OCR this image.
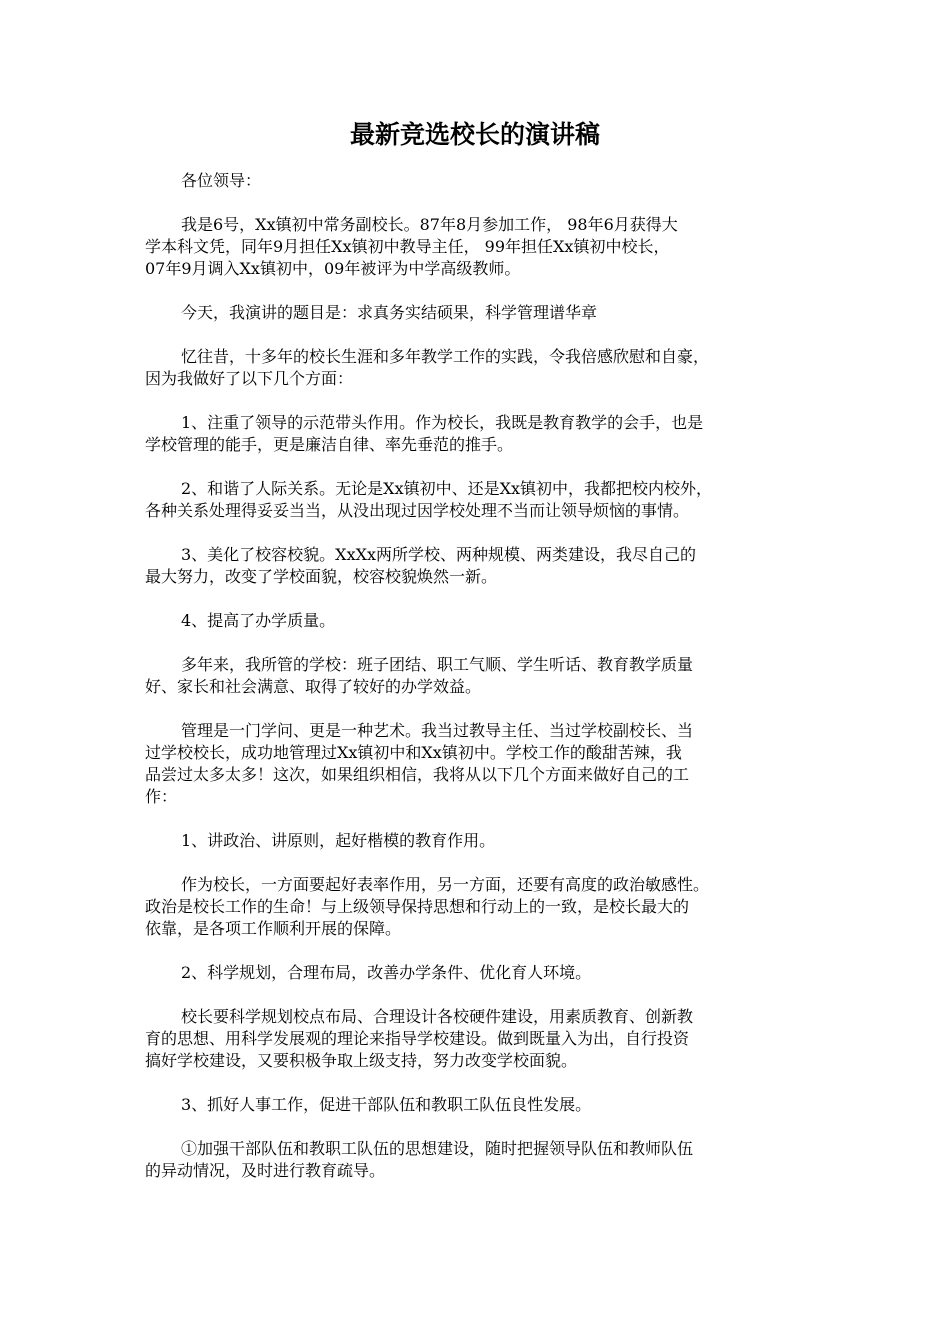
最新竞选校长的演讲稿

各位领导：

我是6号，Xx镇初中常务副校长。87年8月参加工作， 98年6月获得大
学本科文凭，同年9月担任Xx镇初中教导主任， 99年担任Xx镇初中校长，
07年9月调入Xx镇初中，09年被评为中学高级教师。

今天，我演讲的题目是：求真务实结硕果，科学管理谱华章

忆往昔，十多年的校长生涯和多年教学工作的实践，令我倍感欣慰和自豪，
因为我做好了以下几个方面：

1、注重了领导的示范带头作用。作为校长，我既是教育教学的会手，也是
学校管理的能手，更是廉洁自律、率先垂范的推手。

2、和谐了人际关系。无论是Xx镇初中、还是Xx镇初中，我都把校内校外，
各种关系处理得妥妥当当，从没出现过因学校处理不当而让领导烦恼的事情。

3、美化了校容校貌。XxXx两所学校、两种规模、两类建设，我尽自己的
最大努力，改变了学校面貌，校容校貌焕然一新。

4、提高了办学质量。

多年来，我所管的学校：班子团结、职工气顺、学生听话、教育教学质量
好、家长和社会满意、取得了较好的办学效益。

管理是一门学问、更是一种艺术。我当过教导主任、当过学校副校长、当
过学校校长，成功地管理过Xx镇初中和Xx镇初中。学校工作的酸甜苦辣，我
品尝过太多太多！这次，如果组织相信，我将从以下几个方面来做好自己的工
作：

1、讲政治、讲原则，起好楷模的教育作用。

作为校长，一方面要起好表率作用，另一方面，还要有高度的政治敏感性。
政治是校长工作的生命！与上级领导保持思想和行动上的一致，是校长最大的
依靠，是各项工作顺利开展的保障。

2、科学规划，合理布局，改善办学条件、优化育人环境。

校长要科学规划校点布局、合理设计各校硬件建设，用素质教育、创新教
育的思想、用科学发展观的理论来指导学校建设。做到既量入为出，自行投资
搞好学校建设，又要积极争取上级支持，努力改变学校面貌。

3、抓好人事工作，促进干部队伍和教职工队伍良性发展。

①加强干部队伍和教职工队伍的思想建设，随时把握领导队伍和教师队伍
的异动情况，及时进行教育疏导。
